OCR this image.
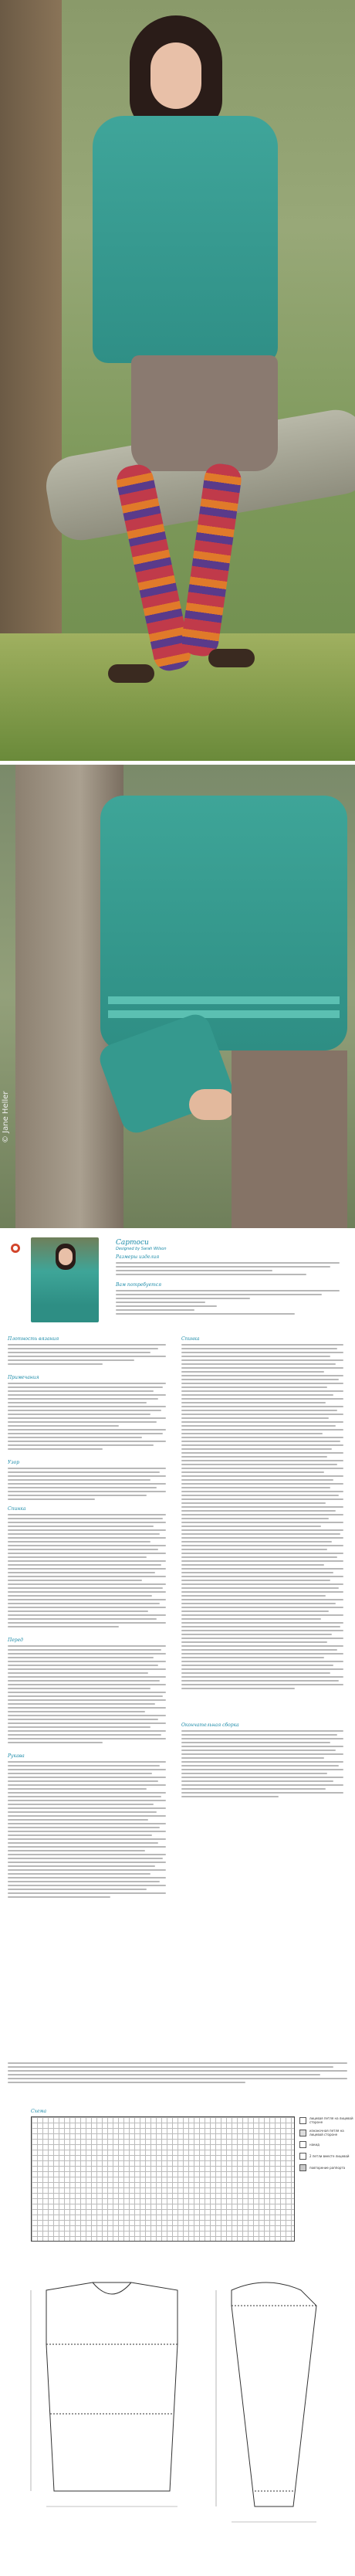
© Jane Heller
●
Сартоси
Designed by Sarah Wilson
Размеры изделия
Вам потребуется
Плотность вязания
Примечания
Узор
Спинка
Перед
Рукава
Спинка
Окончательная сборка
Схема
лицевая петля на лицевой стороне
изнаночная петля на лицевой стороне
накид
2 петли вместе лицевой
повторение раппорта
